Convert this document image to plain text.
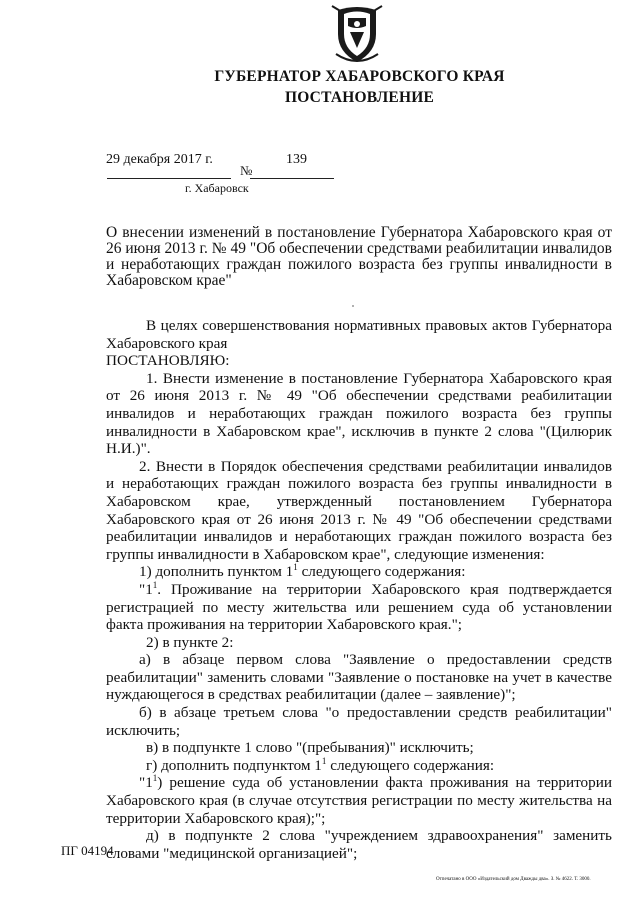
ГУБЕРНАТОР ХАБАРОВСКОГО КРАЯ
ПОСТАНОВЛЕНИЕ
29 декабря 2017 г.
№
139
г. Хабаровск
О внесении изменений в постановление Губернатора Хабаровского края от 26 июня 2013 г. № 49 "Об обеспечении средствами реабилитации инвалидов и неработающих граждан пожилого возраста без группы инвалидности в Хабаровском крае"

В целях совершенствования нормативных правовых актов Губернатора Хабаровского края

ПОСТАНОВЛЯЮ:

1. Внести изменение в постановление Губернатора Хабаровского края от 26 июня 2013 г. № 49 "Об обеспечении средствами реабилитации инвалидов и неработающих граждан пожилого возраста без группы инвалидности в Хабаровском крае", исключив в пункте 2 слова "(Цилюрик Н.И.)".

2. Внести в Порядок обеспечения средствами реабилитации инвалидов и неработающих граждан пожилого возраста без группы инвалидности в Хабаровском крае, утвержденный постановлением Губернатора Хабаровского края от 26 июня 2013 г. № 49 "Об обеспечении средствами реабилитации инвалидов и неработающих граждан пожилого возраста без группы инвалидности в Хабаровском крае", следующие изменения:

1) дополнить пунктом $1^1$ следующего содержания:

"$1^1$. Проживание на территории Хабаровского края подтверждается регистрацией по месту жительства или решением суда об установлении факта проживания на территории Хабаровского края.";

2) в пункте 2:

а) в абзаце первом слова "Заявление о предоставлении средств реабилитации" заменить словами "Заявление о постановке на учет в качестве нуждающегося в средствах реабилитации (далее – заявление)";

б) в абзаце третьем слова "о предоставлении средств реабилитации" исключить;

в) в подпункте 1 слово "(пребывания)" исключить;

г) дополнить подпунктом $1^1$ следующего содержания:

"$1^1$) решение суда об установлении факта проживания на территории Хабаровского края (в случае отсутствия регистрации по месту жительства на территории Хабаровского края);";

д) в подпункте 2 слова "учреждением здравоохранения" заменить словами "медицинской организацией";

ПГ 04194
Отпечатано в ООО «Издательский дом Дважды два». З. № 4622. Т. 3000.
